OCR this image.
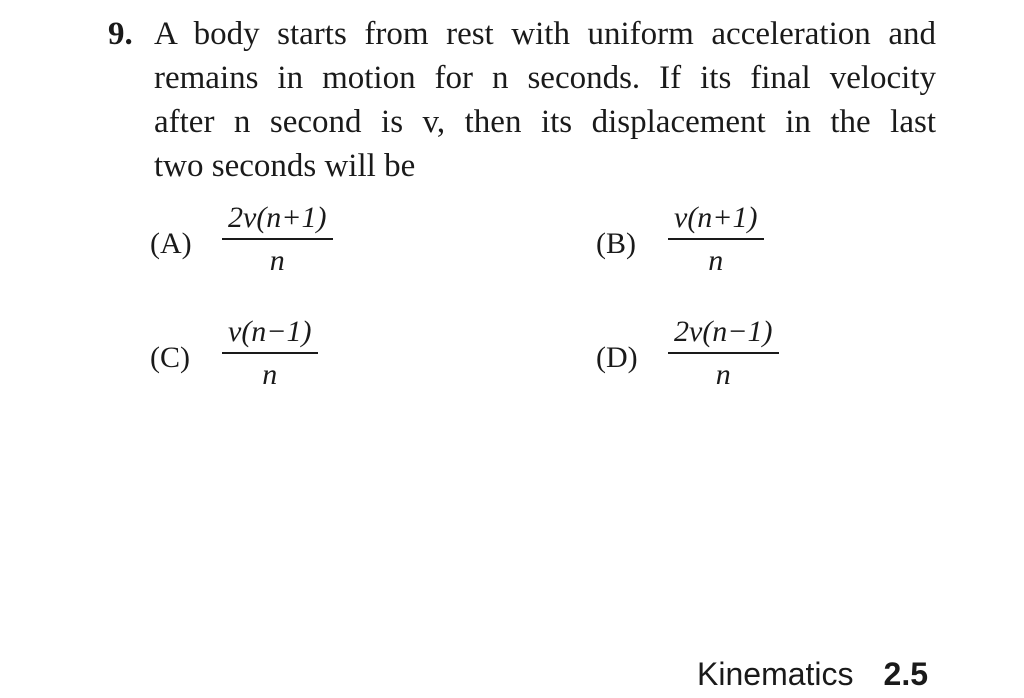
9. A body starts from rest with uniform acceleration and
remains in motion for n seconds. If its final velocity
after n second is v, then its displacement in the last
two seconds will be
(A)
2v(n+1)
n
(B)
v(n+1)
n
(C)
v(n−1)
n
(D)
2v(n−1)
n
Kinematics 2.5
